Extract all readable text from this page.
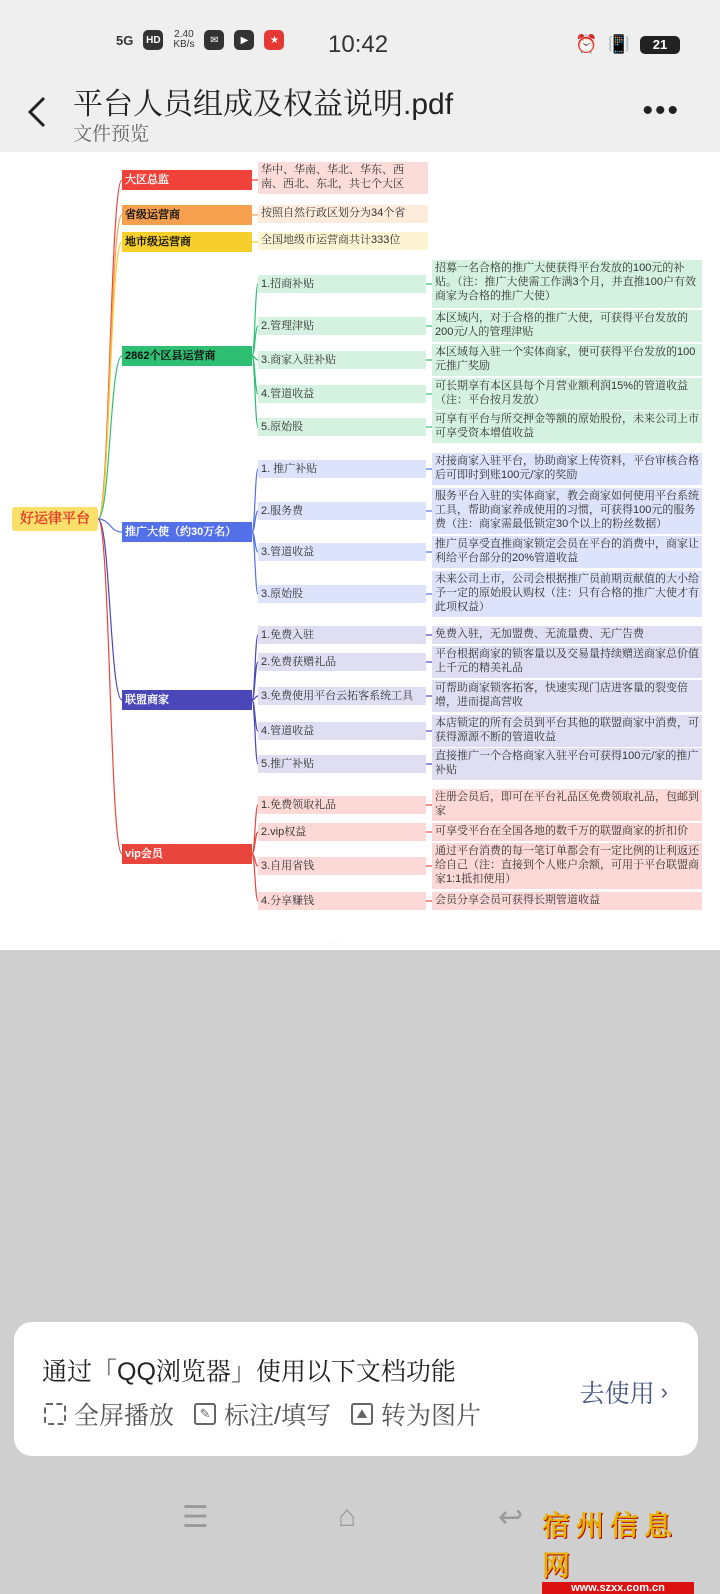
5G HD 2.40
KB/s	✉	▶	★ 10:42	⏰ 📳	21
平台人员组成及权益说明.pdf
文件预览
•••
好运律平台
大区总监
华中、华南、华北、华东、西南、西北、东北，共七个大区
省级运营商	按照自然行政区划分为34个省
地市级运营商	全国地级市运营商共计333位
2862个区县运营商
1.招商补贴
招募一名合格的推广大使获得平台发放的100元的补贴。（注：推广大使需工作满3个月，并直推100户有效商家为合格的推广大使）
2.管理津贴
本区域内，对于合格的推广大使，可获得平台发放的200元/人的管理津贴
3.商家入驻补贴
本区域每入驻一个实体商家，便可获得平台发放的100元推广奖励
4.管道收益
可长期享有本区县每个月营业额利润15%的管道收益（注：平台按月发放）
5.原始股
可享有平台与所交押金等额的原始股份，未来公司上市可享受资本增值收益
推广大使（约30万名）
1. 推广补贴
对接商家入驻平台，协助商家上传资料，平台审核合格后可即时到账100元/家的奖励
2.服务费
服务平台入驻的实体商家，教会商家如何使用平台系统工具，帮助商家养成使用的习惯，可获得100元的服务费（注：商家需最低锁定30个以上的粉丝数据）
3.管道收益
推广员享受直推商家锁定会员在平台的消费中，商家让利给平台部分的20%管道收益
3.原始股
未来公司上市，公司会根据推广员前期贡献值的大小给予一定的原始股认购权（注：只有合格的推广大使才有此项权益）
联盟商家
1.免费入驻	免费入驻，无加盟费、无流量费、无广告费
2.免费获赠礼品
平台根据商家的锁客量以及交易量持续赠送商家总价值上千元的精美礼品
3.免费使用平台云拓客系统工具
可帮助商家锁客拓客，快速实现门店进客量的裂变倍增，进而提高营收
4.管道收益
本店锁定的所有会员到平台其他的联盟商家中消费，可获得源源不断的管道收益
5.推广补贴
直接推广一个合格商家入驻平台可获得100元/家的推广补贴
vip会员
1.免费领取礼品
注册会员后，即可在平台礼品区免费领取礼品，包邮到家
2.vip权益	可享受平台在全国各地的数千万的联盟商家的折扣价
3.自用省钱
通过平台消费的每一笔订单都会有一定比例的让利返还给自己（注：直接到个人账户余额，可用于平台联盟商家1:1抵扣使用）
4.分享赚钱	会员分享会员可获得长期管道收益
·····
通过「QQ浏览器」使用以下文档功能
全屏播放	✎ 标注/填写	⛰ 转为图片
去使用 ›
☰	⌂	↩ 宿州信息网
www.szxx.com.cn
